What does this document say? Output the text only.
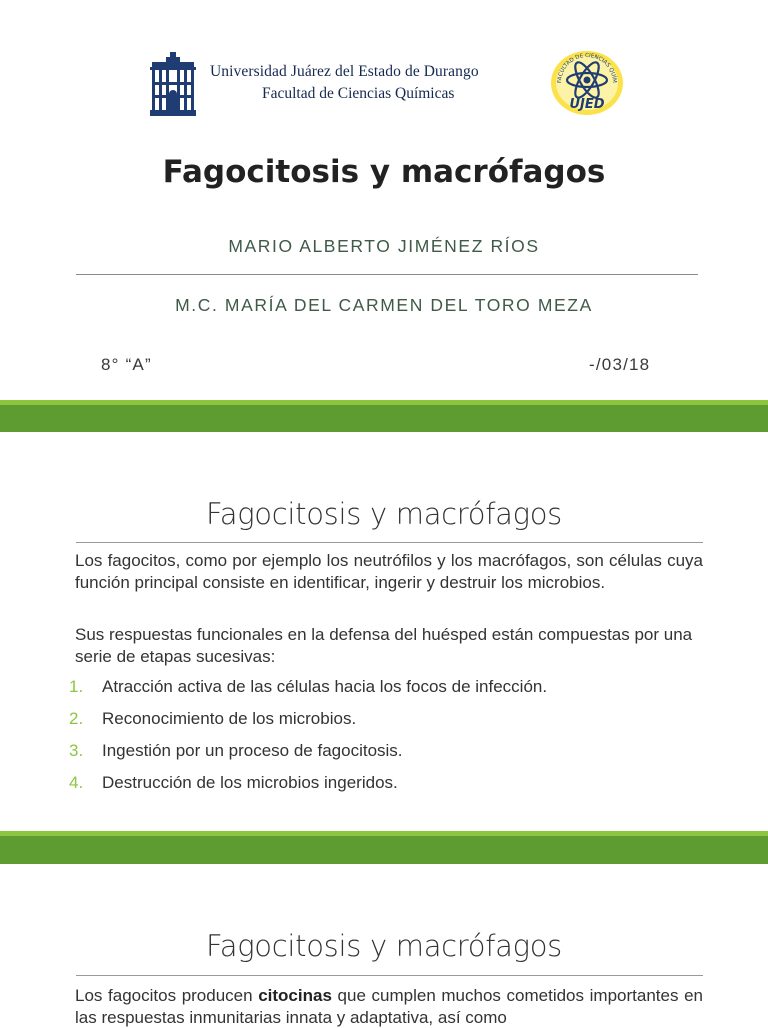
Universidad Juárez del Estado de Durango
Facultad de Ciencias Químicas
FACULTAD DE CIENCIAS QUÍM
UJED
Fagocitosis y macrófagos
MARIO ALBERTO JIMÉNEZ RÍOS
M.C. MARÍA DEL CARMEN DEL TORO MEZA
8° “A”	-/03/18
Fagocitosis y macrófagos
Los fagocitos, como por ejemplo los neutrófilos y los macrófagos, son células cuya función principal consiste en identificar, ingerir y destruir los microbios.
Sus respuestas funcionales en la defensa del huésped están compuestas por una serie de etapas sucesivas:
1. Atracción activa de las células hacia los focos de infección.
2. Reconocimiento de los microbios.
3. Ingestión por un proceso de fagocitosis.
4. Destrucción de los microbios ingeridos.
Fagocitosis y macrófagos
Los fagocitos producen citocinas que cumplen muchos cometidos importantes en las respuestas inmunitarias innata y adaptativa, así como
